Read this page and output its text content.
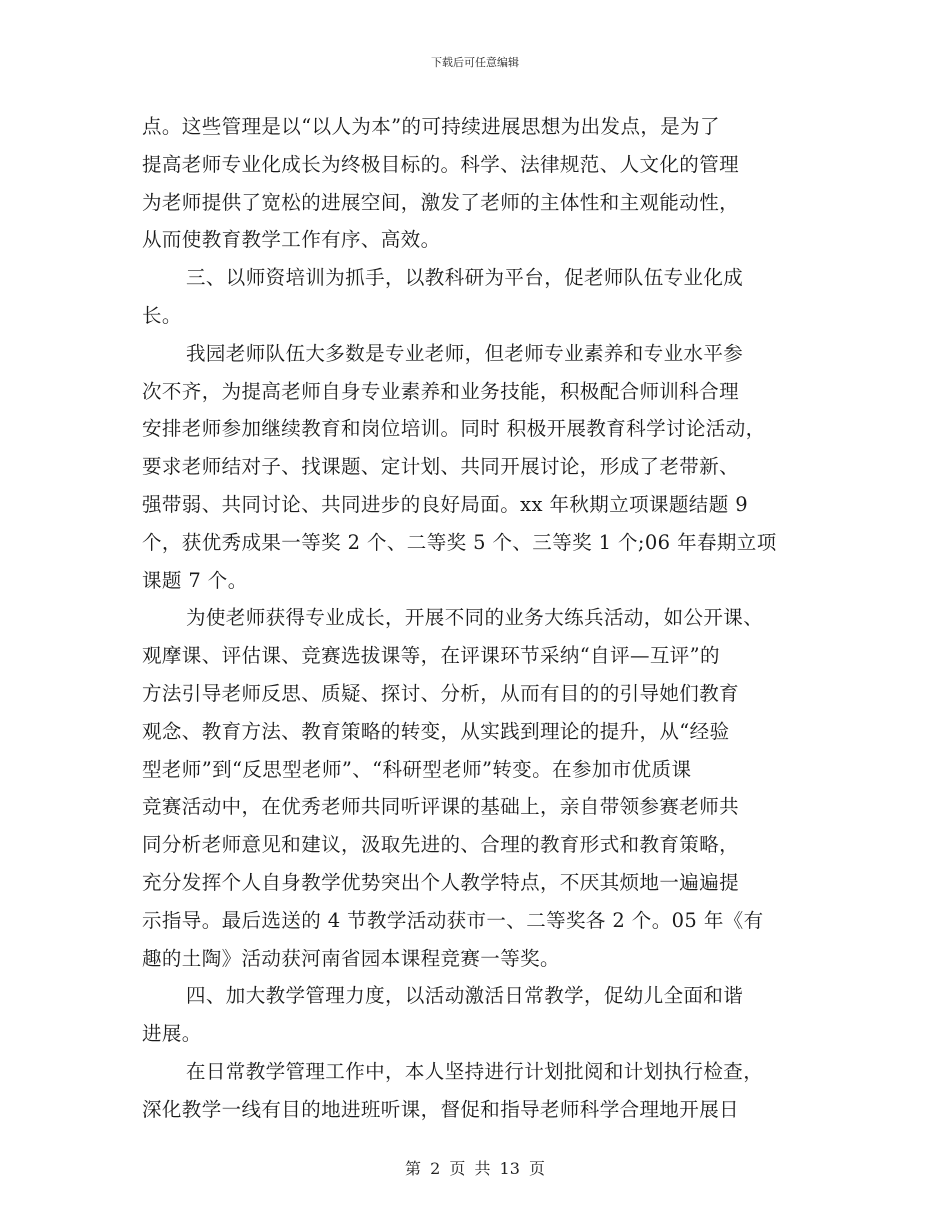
下载后可任意编辑
点。这些管理是以“以人为本”的可持续进展思想为出发点，是为了
提高老师专业化成长为终极目标的。科学、法律规范、人文化的管理
为老师提供了宽松的进展空间，激发了老师的主体性和主观能动性，
从而使教育教学工作有序、高效。
三、以师资培训为抓手，以教科研为平台，促老师队伍专业化成
长。
我园老师队伍大多数是专业老师，但老师专业素养和专业水平参
次不齐，为提高老师自身专业素养和业务技能，积极配合师训科合理
安排老师参加继续教育和岗位培训。同时 积极开展教育科学讨论活动，
要求老师结对子、找课题、定计划、共同开展讨论，形成了老带新、
强带弱、共同讨论、共同进步的良好局面。xx 年秋期立项课题结题 9
个，获优秀成果一等奖 2 个、二等奖 5 个、三等奖 1 个;06 年春期立项
课题 7 个。
为使老师获得专业成长，开展不同的业务大练兵活动，如公开课、
观摩课、评估课、竞赛选拔课等，在评课环节采纳“自评—互评”的
方法引导老师反思、质疑、探讨、分析，从而有目的的引导她们教育
观念、教育方法、教育策略的转变，从实践到理论的提升，从“经验
型老师”到“反思型老师”、“科研型老师”转变。在参加市优质课
竞赛活动中，在优秀老师共同听评课的基础上，亲自带领参赛老师共
同分析老师意见和建议，汲取先进的、合理的教育形式和教育策略，
充分发挥个人自身教学优势突出个人教学特点，不厌其烦地一遍遍提
示指导。最后选送的 4 节教学活动获市一、二等奖各 2 个。05 年《有
趣的土陶》活动获河南省园本课程竞赛一等奖。
四、加大教学管理力度，以活动激活日常教学，促幼儿全面和谐
进展。
在日常教学管理工作中，本人坚持进行计划批阅和计划执行检查，
深化教学一线有目的地进班听课，督促和指导老师科学合理地开展日
第 2 页 共 13 页
